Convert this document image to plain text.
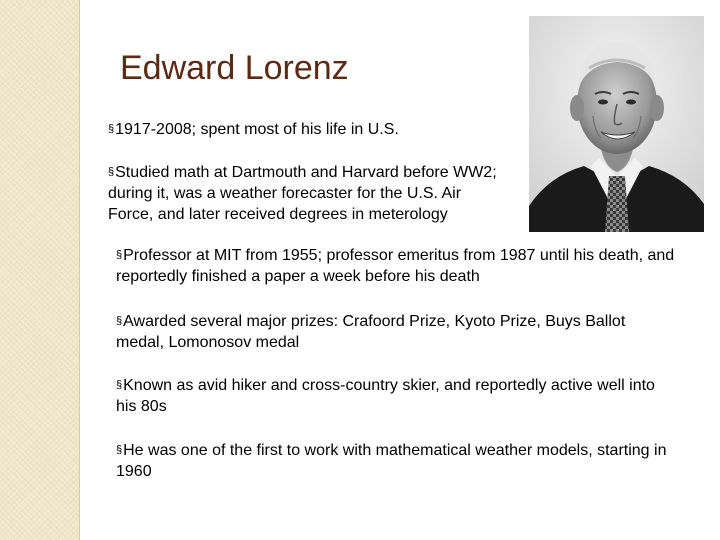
Edward Lorenz
§1917-2008; spent most of his life in U.S.
§Studied math at Dartmouth and Harvard before WW2; during it, was a weather forecaster for the U.S. Air Force, and later received degrees in meterology
§Professor at MIT from 1955; professor emeritus from 1987 until his death, and reportedly finished a paper a week before his death
§Awarded several major prizes: Crafoord Prize, Kyoto Prize, Buys Ballot medal, Lomonosov medal
§Known as avid hiker and cross-country skier, and reportedly active well into his 80s
§He was one of the first to work with mathematical weather models, starting in 1960
